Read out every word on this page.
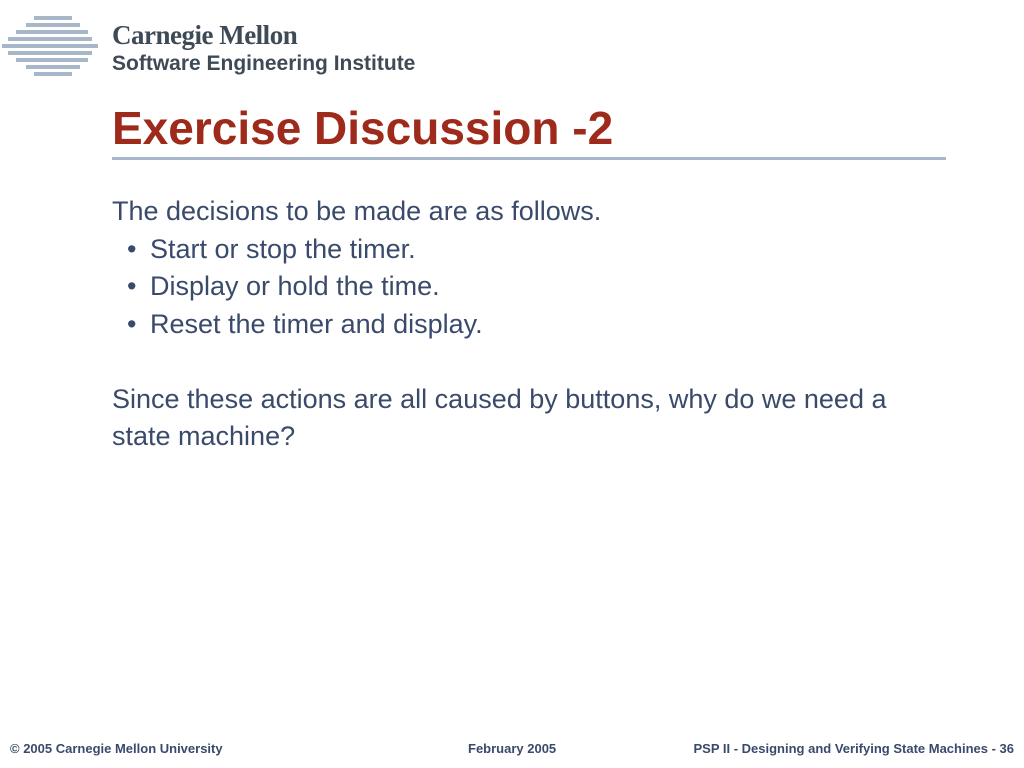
Carnegie Mellon
Software Engineering Institute
Exercise Discussion -2

The decisions to be made are as follows.

• Start or stop the timer.
• Display or hold the time.
• Reset the timer and display.

Since these actions are all caused by buttons, why do we need a state machine?

© 2005 Carnegie Mellon University	February 2005	PSP II - Designing and Verifying State Machines - 36
